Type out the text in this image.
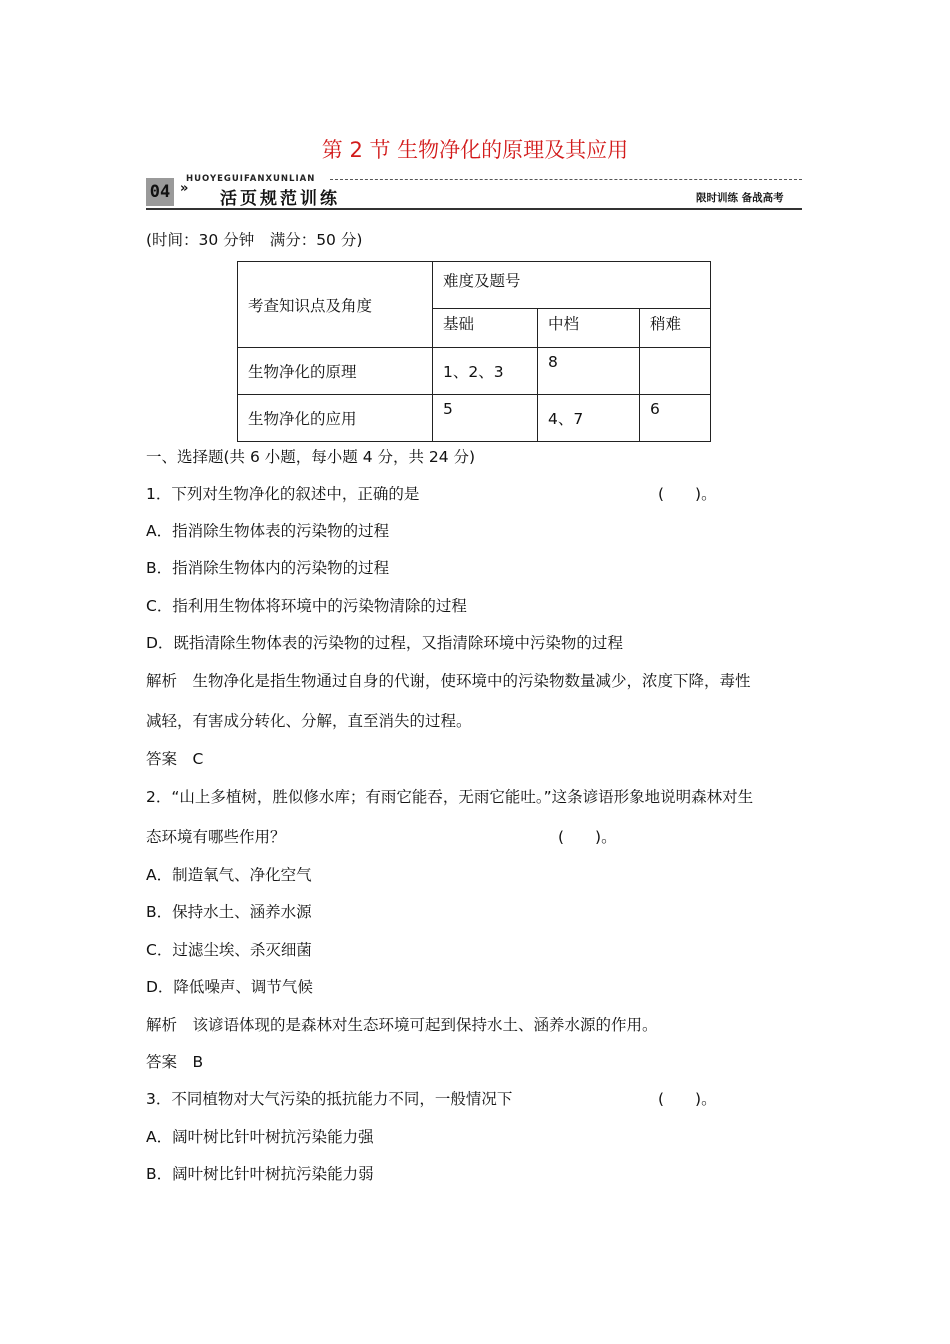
第 2 节 生物净化的原理及其应用
HUOYEGUIFANXUNLIAN
04 »
活页规范训练	限时训练 备战高考
(时间：30 分钟　满分：50 分)
考查知识点及角度	难度及题号		
	基础	中档	稍难
生物净化的原理	1、2、3	8	
生物净化的应用	5	4、7	6
一、选择题(共 6 小题，每小题 4 分，共 24 分)
1．下列对生物净化的叙述中，正确的是	(　　)。
A．指消除生物体表的污染物的过程
B．指消除生物体内的污染物的过程
C．指利用生物体将环境中的污染物清除的过程
D．既指清除生物体表的污染物的过程，又指清除环境中污染物的过程
解析　生物净化是指生物通过自身的代谢，使环境中的污染物数量减少，浓度下降，毒性
减轻，有害成分转化、分解，直至消失的过程。
答案　C
2．“山上多植树，胜似修水库；有雨它能吞，无雨它能吐。”这条谚语形象地说明森林对生
态环境有哪些作用？	(　　)。
A．制造氧气、净化空气
B．保持水土、涵养水源
C．过滤尘埃、杀灭细菌
D．降低噪声、调节气候
解析　该谚语体现的是森林对生态环境可起到保持水土、涵养水源的作用。
答案　B
3．不同植物对大气污染的抵抗能力不同，一般情况下	(　　)。
A．阔叶树比针叶树抗污染能力强
B．阔叶树比针叶树抗污染能力弱
